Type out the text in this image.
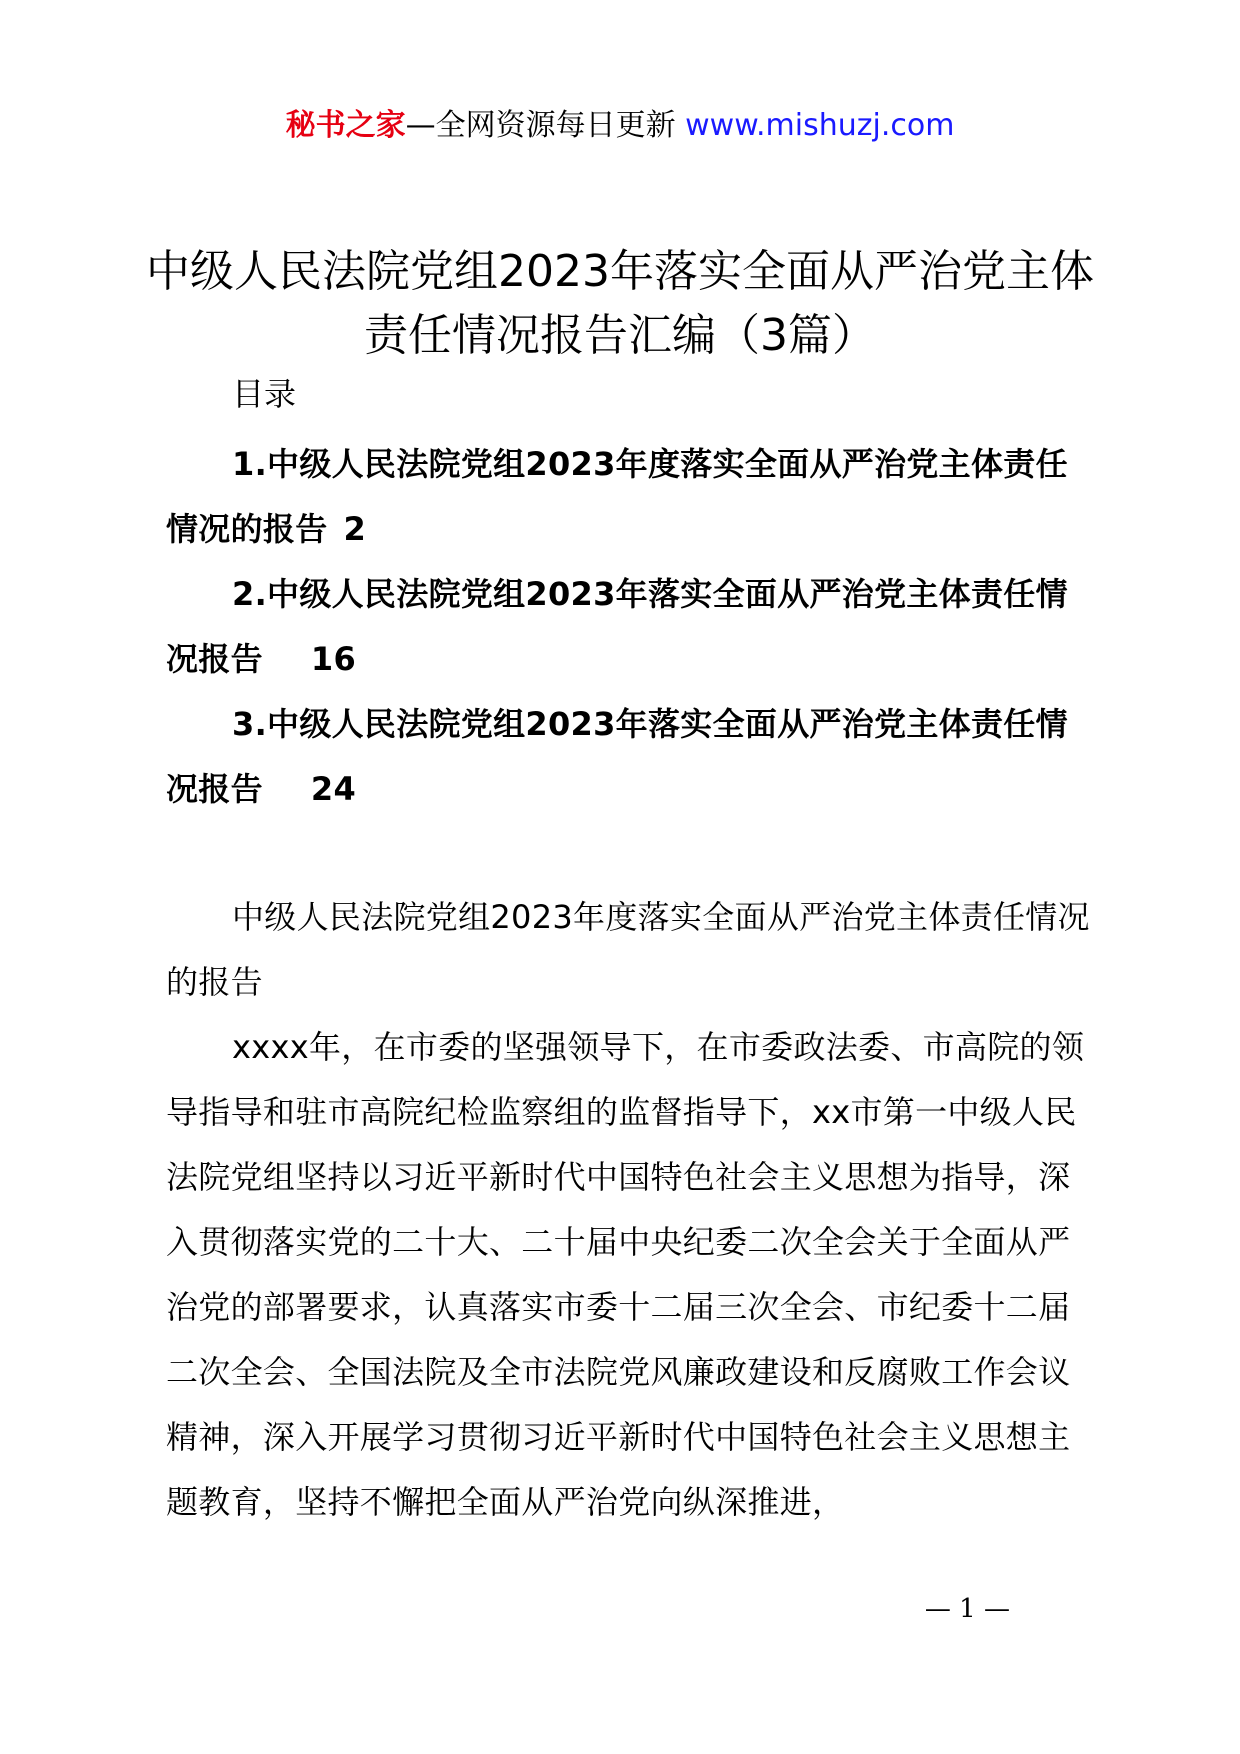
秘书之家—全网资源每日更新 www.mishuzj.com
中级人民法院党组2023年落实全面从严治党主体责任情况报告汇编（3篇）
目录
1.中级人民法院党组2023年度落实全面从严治党主体责任情况的报告 2
2.中级人民法院党组2023年落实全面从严治党主体责任情况报告 16
3.中级人民法院党组2023年落实全面从严治党主体责任情况报告 24

中级人民法院党组2023年度落实全面从严治党主体责任情况的报告

xxxx年，在市委的坚强领导下，在市委政法委、市高院的领导指导和驻市高院纪检监察组的监督指导下，xx市第一中级人民法院党组坚持以习近平新时代中国特色社会主义思想为指导，深入贯彻落实党的二十大、二十届中央纪委二次全会关于全面从严治党的部署要求，认真落实市委十二届三次全会、市纪委十二届二次全会、全国法院及全市法院党风廉政建设和反腐败工作会议精神，深入开展学习贯彻习近平新时代中国特色社会主义思想主题教育，坚持不懈把全面从严治党向纵深推进，

— 1 —
